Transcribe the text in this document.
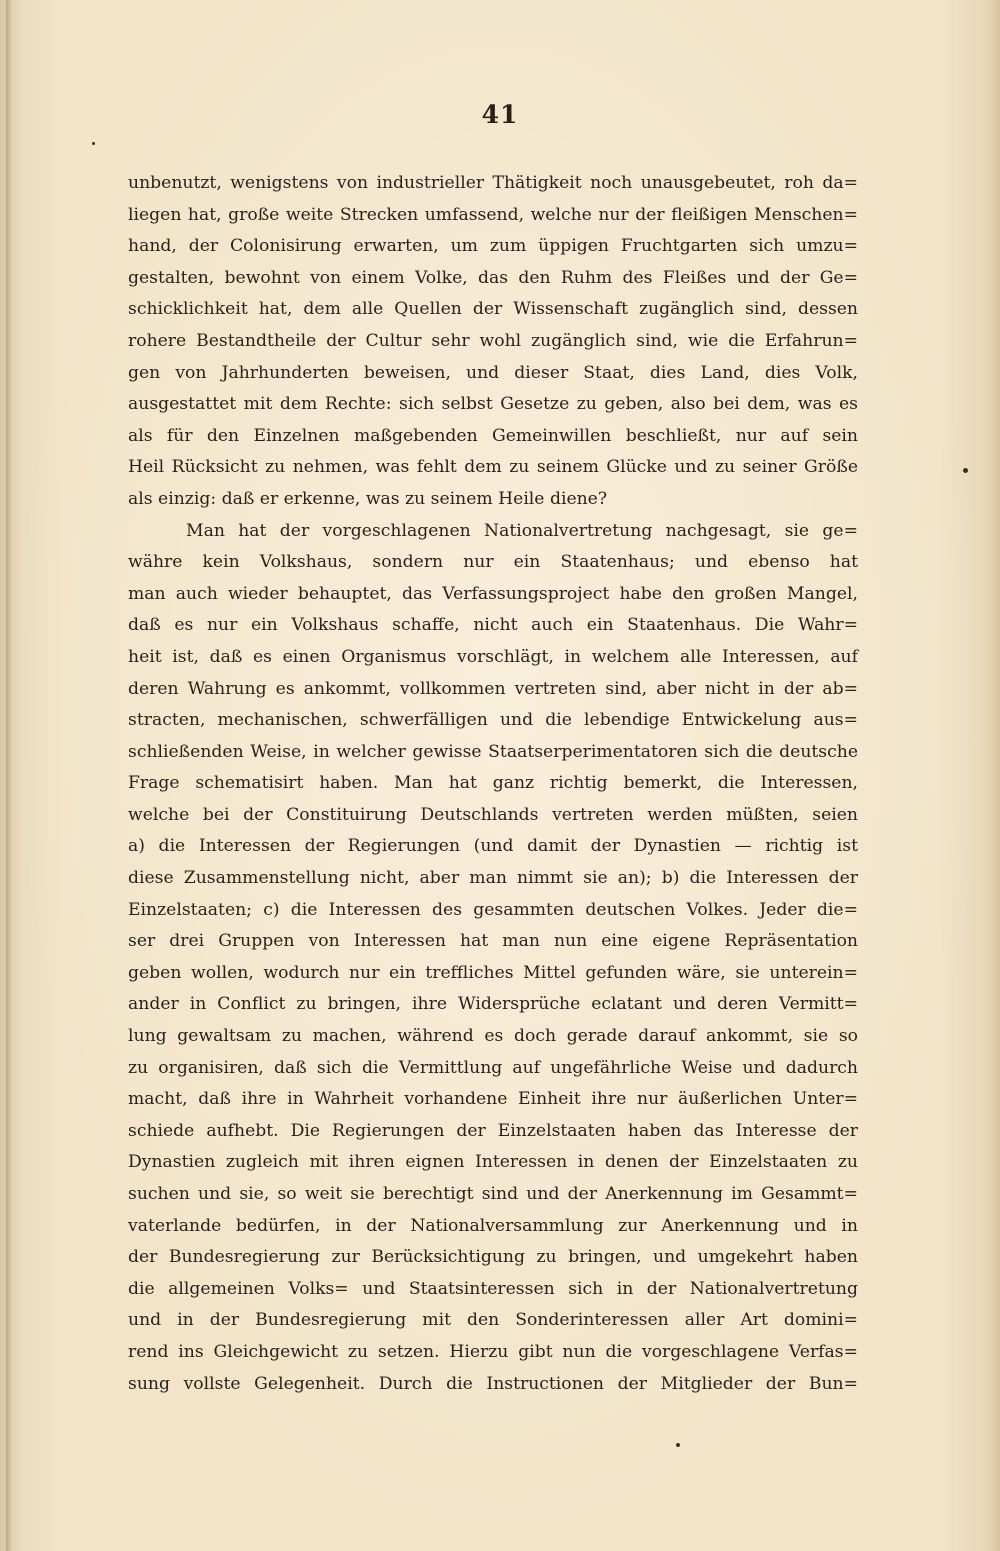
41
unbenutzt, wenigstens von industrieller Thätigkeit noch unausgebeutet, roh da=
liegen hat, große weite Strecken umfassend, welche nur der fleißigen Menschen=
hand, der Colonisirung erwarten, um zum üppigen Fruchtgarten sich umzu=
gestalten, bewohnt von einem Volke, das den Ruhm des Fleißes und der Ge=
schicklichkeit hat, dem alle Quellen der Wissenschaft zugänglich sind, dessen
rohere Bestandtheile der Cultur sehr wohl zugänglich sind, wie die Erfahrun=
gen von Jahrhunderten beweisen, und dieser Staat, dies Land, dies Volk,
ausgestattet mit dem Rechte: sich selbst Gesetze zu geben, also bei dem, was es
als für den Einzelnen maßgebenden Gemeinwillen beschließt, nur auf sein
Heil Rücksicht zu nehmen, was fehlt dem zu seinem Glücke und zu seiner Größe
als einzig: daß er erkenne, was zu seinem Heile diene?
Man hat der vorgeschlagenen Nationalvertretung nachgesagt, sie ge=
währe kein Volkshaus, sondern nur ein Staatenhaus; und ebenso hat
man auch wieder behauptet, das Verfassungsproject habe den großen Mangel,
daß es nur ein Volkshaus schaffe, nicht auch ein Staatenhaus. Die Wahr=
heit ist, daß es einen Organismus vorschlägt, in welchem alle Interessen, auf
deren Wahrung es ankommt, vollkommen vertreten sind, aber nicht in der ab=
stracten, mechanischen, schwerfälligen und die lebendige Entwickelung aus=
schließenden Weise, in welcher gewisse Staatserperimentatoren sich die deutsche
Frage schematisirt haben. Man hat ganz richtig bemerkt, die Interessen,
welche bei der Constituirung Deutschlands vertreten werden müßten, seien
a) die Interessen der Regierungen (und damit der Dynastien — richtig ist
diese Zusammenstellung nicht, aber man nimmt sie an); b) die Interessen der
Einzelstaaten; c) die Interessen des gesammten deutschen Volkes. Jeder die=
ser drei Gruppen von Interessen hat man nun eine eigene Repräsentation
geben wollen, wodurch nur ein treffliches Mittel gefunden wäre, sie unterein=
ander in Conflict zu bringen, ihre Widersprüche eclatant und deren Vermitt=
lung gewaltsam zu machen, während es doch gerade darauf ankommt, sie so
zu organisiren, daß sich die Vermittlung auf ungefährliche Weise und dadurch
macht, daß ihre in Wahrheit vorhandene Einheit ihre nur äußerlichen Unter=
schiede aufhebt. Die Regierungen der Einzelstaaten haben das Interesse der
Dynastien zugleich mit ihren eignen Interessen in denen der Einzelstaaten zu
suchen und sie, so weit sie berechtigt sind und der Anerkennung im Gesammt=
vaterlande bedürfen, in der Nationalversammlung zur Anerkennung und in
der Bundesregierung zur Berücksichtigung zu bringen, und umgekehrt haben
die allgemeinen Volks= und Staatsinteressen sich in der Nationalvertretung
und in der Bundesregierung mit den Sonderinteressen aller Art domini=
rend ins Gleichgewicht zu setzen. Hierzu gibt nun die vorgeschlagene Verfas=
sung vollste Gelegenheit. Durch die Instructionen der Mitglieder der Bun=
